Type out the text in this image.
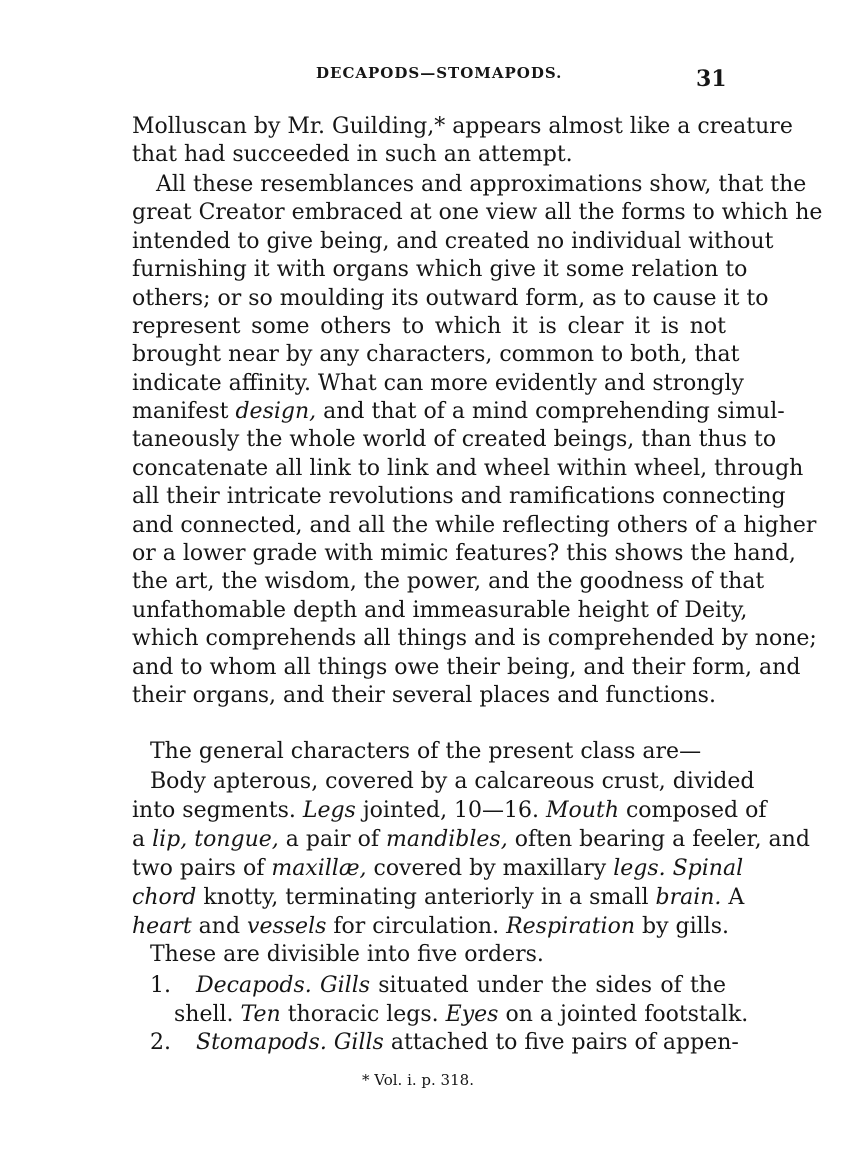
DECAPODS—STOMAPODS.	31
Molluscan by Mr. Guilding,* appears almost like a creature
that had succeeded in such an attempt.
All these resemblances and approximations show, that the
great Creator embraced at one view all the forms to which he
intended to give being, and created no individual without
furnishing it with organs which give it some relation to
others; or so moulding its outward form, as to cause it to
represent some others to which it is clear it is not
brought near by any characters, common to both, that
indicate affinity. What can more evidently and strongly
manifest design, and that of a mind comprehending simul-
taneously the whole world of created beings, than thus to
concatenate all link to link and wheel within wheel, through
all their intricate revolutions and ramifications connecting
and connected, and all the while reflecting others of a higher
or a lower grade with mimic features? this shows the hand,
the art, the wisdom, the power, and the goodness of that
unfathomable depth and immeasurable height of Deity,
which comprehends all things and is comprehended by none;
and to whom all things owe their being, and their form, and
their organs, and their several places and functions.
The general characters of the present class are—
Body apterous, covered by a calcareous crust, divided
into segments. Legs jointed, 10—16. Mouth composed of
a lip, tongue, a pair of mandibles, often bearing a feeler, and
two pairs of maxillæ, covered by maxillary legs. Spinal
chord knotty, terminating anteriorly in a small brain. A
heart and vessels for circulation. Respiration by gills.
These are divisible into five orders.
1. Decapods. Gills situated under the sides of the
shell. Ten thoracic legs. Eyes on a jointed footstalk.
2. Stomapods. Gills attached to five pairs of appen-
* Vol. i. p. 318.
